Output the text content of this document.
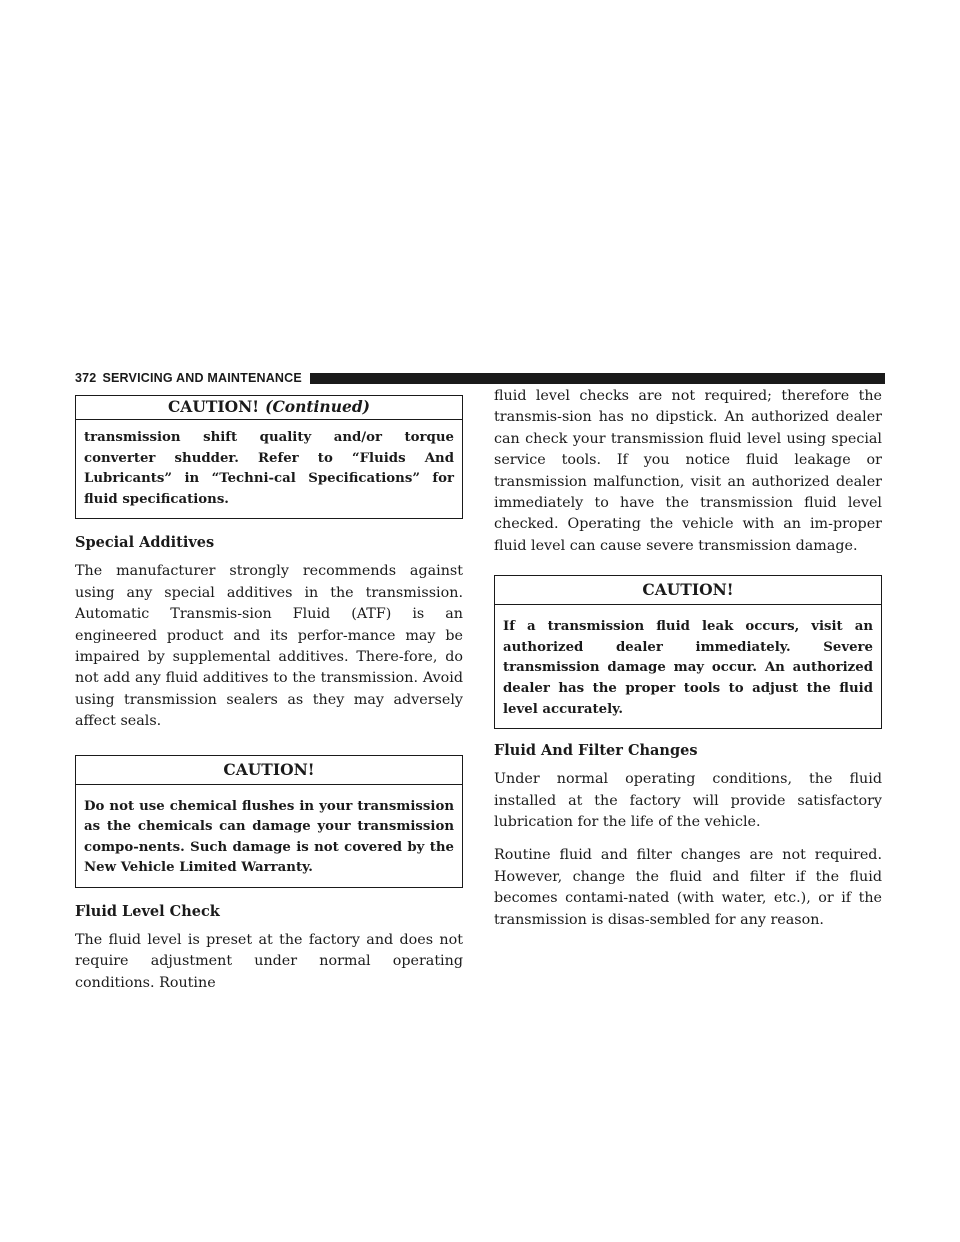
372 SERVICING AND MAINTENANCE
CAUTION! (Continued)
transmission shift quality and/or torque converter shudder. Refer to “Fluids And Lubricants” in “Techni-cal Specifications” for fluid specifications.
Special Additives

The manufacturer strongly recommends against using any special additives in the transmission. Automatic Transmis-sion Fluid (ATF) is an engineered product and its perfor-mance may be impaired by supplemental additives. There-fore, do not add any fluid additives to the transmission. Avoid using transmission sealers as they may adversely affect seals.

CAUTION!
Do not use chemical flushes in your transmission as the chemicals can damage your transmission compo-nents. Such damage is not covered by the New Vehicle Limited Warranty.
Fluid Level Check

The fluid level is preset at the factory and does not require adjustment under normal operating conditions. Routine

fluid level checks are not required; therefore the transmis-sion has no dipstick. An authorized dealer can check your transmission fluid level using special service tools. If you notice fluid leakage or transmission malfunction, visit an authorized dealer immediately to have the transmission fluid level checked. Operating the vehicle with an im-proper fluid level can cause severe transmission damage.

CAUTION!
If a transmission fluid leak occurs, visit an authorized dealer immediately. Severe transmission damage may occur. An authorized dealer has the proper tools to adjust the fluid level accurately.
Fluid And Filter Changes

Under normal operating conditions, the fluid installed at the factory will provide satisfactory lubrication for the life of the vehicle.

Routine fluid and filter changes are not required. However, change the fluid and filter if the fluid becomes contami-nated (with water, etc.), or if the transmission is disas-sembled for any reason.
